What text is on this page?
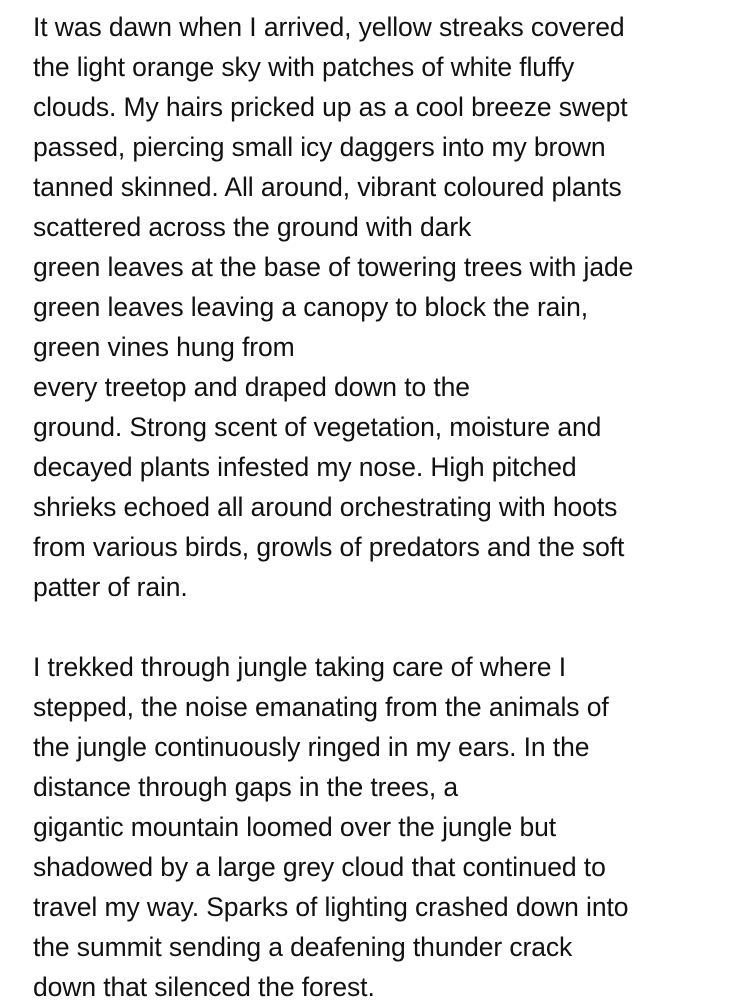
It was dawn when I arrived, yellow streaks covered
the light orange sky with patches of white fluffy
clouds. My hairs pricked up as a cool breeze swept
passed, piercing small icy daggers into my brown
tanned skinned. All around, vibrant coloured plants
scattered across the ground with dark
green leaves at the base of towering trees with jade
green leaves leaving a canopy to block the rain,
green vines hung from
every treetop and draped down to the
ground. Strong scent of vegetation, moisture and
decayed plants infested my nose. High pitched
shrieks echoed all around orchestrating with hoots
from various birds, growls of predators and the soft
patter of rain.
I trekked through jungle taking care of where I
stepped, the noise emanating from the animals of
the jungle continuously ringed in my ears. In the
distance through gaps in the trees, a
gigantic mountain loomed over the jungle but
shadowed by a large grey cloud that continued to
travel my way. Sparks of lighting crashed down into
the summit sending a deafening thunder crack
down that silenced the forest.
